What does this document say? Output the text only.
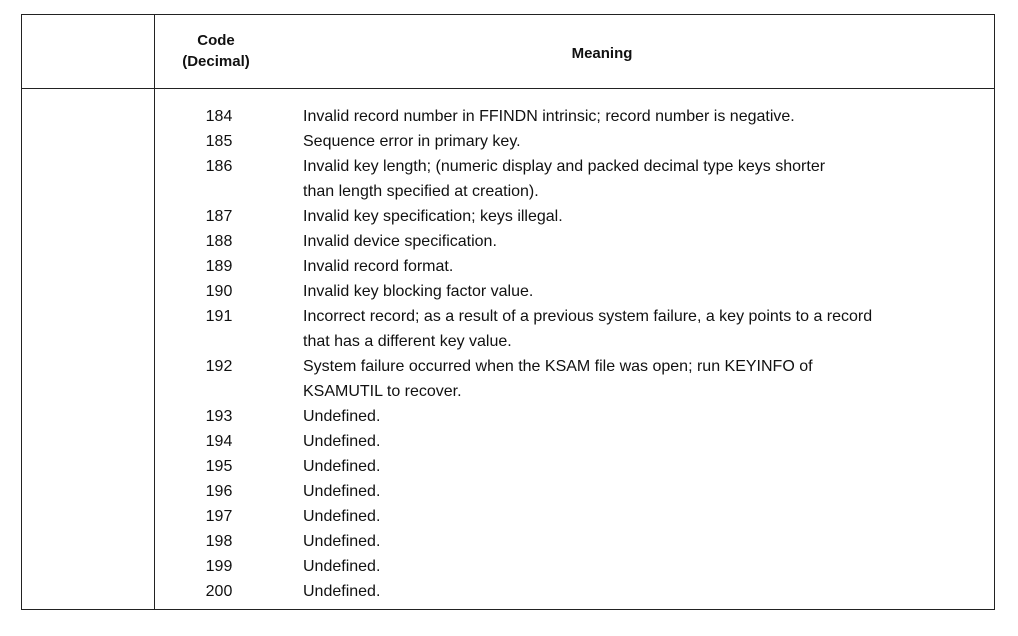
Code
(Decimal)	Meaning
184	Invalid record number in FFINDN intrinsic; record number is negative.
185	Sequence error in primary key.
186	Invalid key length; (numeric display and packed decimal type keys shorter
than length specified at creation).
187	Invalid key specification; keys illegal.
188	Invalid device specification.
189	Invalid record format.
190	Invalid key blocking factor value.
191	Incorrect record; as a result of a previous system failure, a key points to a record
that has a different key value.
192	System failure occurred when the KSAM file was open; run KEYINFO of
KSAMUTIL to recover.
193	Undefined.
194	Undefined.
195	Undefined.
196	Undefined.
197	Undefined.
198	Undefined.
199	Undefined.
200	Undefined.
